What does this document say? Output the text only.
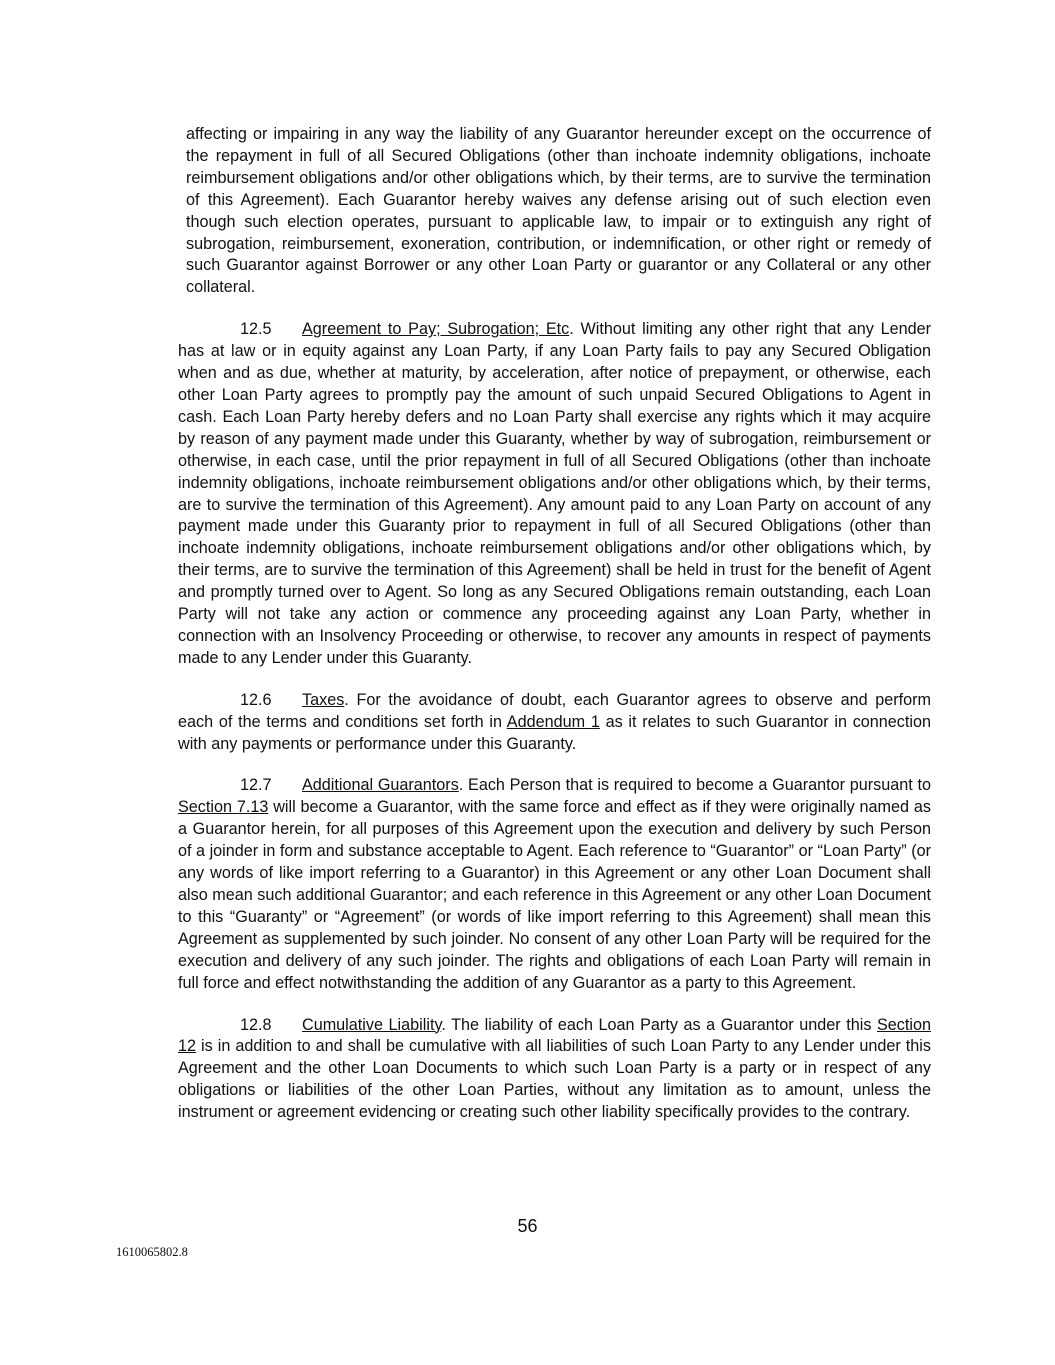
affecting or impairing in any way the liability of any Guarantor hereunder except on the occurrence of the repayment in full of all Secured Obligations (other than inchoate indemnity obligations, inchoate reimbursement obligations and/or other obligations which, by their terms, are to survive the termination of this Agreement). Each Guarantor hereby waives any defense arising out of such election even though such election operates, pursuant to applicable law, to impair or to extinguish any right of subrogation, reimbursement, exoneration, contribution, or indemnification, or other right or remedy of such Guarantor against Borrower or any other Loan Party or guarantor or any Collateral or any other collateral.

12.5 Agreement to Pay; Subrogation; Etc. Without limiting any other right that any Lender has at law or in equity against any Loan Party, if any Loan Party fails to pay any Secured Obligation when and as due, whether at maturity, by acceleration, after notice of prepayment, or otherwise, each other Loan Party agrees to promptly pay the amount of such unpaid Secured Obligations to Agent in cash. Each Loan Party hereby defers and no Loan Party shall exercise any rights which it may acquire by reason of any payment made under this Guaranty, whether by way of subrogation, reimbursement or otherwise, in each case, until the prior repayment in full of all Secured Obligations (other than inchoate indemnity obligations, inchoate reimbursement obligations and/or other obligations which, by their terms, are to survive the termination of this Agreement). Any amount paid to any Loan Party on account of any payment made under this Guaranty prior to repayment in full of all Secured Obligations (other than inchoate indemnity obligations, inchoate reimbursement obligations and/or other obligations which, by their terms, are to survive the termination of this Agreement) shall be held in trust for the benefit of Agent and promptly turned over to Agent. So long as any Secured Obligations remain outstanding, each Loan Party will not take any action or commence any proceeding against any Loan Party, whether in connection with an Insolvency Proceeding or otherwise, to recover any amounts in respect of payments made to any Lender under this Guaranty.

12.6 Taxes. For the avoidance of doubt, each Guarantor agrees to observe and perform each of the terms and conditions set forth in Addendum 1 as it relates to such Guarantor in connection with any payments or performance under this Guaranty.

12.7 Additional Guarantors. Each Person that is required to become a Guarantor pursuant to Section 7.13 will become a Guarantor, with the same force and effect as if they were originally named as a Guarantor herein, for all purposes of this Agreement upon the execution and delivery by such Person of a joinder in form and substance acceptable to Agent. Each reference to “Guarantor” or “Loan Party” (or any words of like import referring to a Guarantor) in this Agreement or any other Loan Document shall also mean such additional Guarantor; and each reference in this Agreement or any other Loan Document to this “Guaranty” or “Agreement” (or words of like import referring to this Agreement) shall mean this Agreement as supplemented by such joinder. No consent of any other Loan Party will be required for the execution and delivery of any such joinder. The rights and obligations of each Loan Party will remain in full force and effect notwithstanding the addition of any Guarantor as a party to this Agreement.

12.8 Cumulative Liability. The liability of each Loan Party as a Guarantor under this Section 12 is in addition to and shall be cumulative with all liabilities of such Loan Party to any Lender under this Agreement and the other Loan Documents to which such Loan Party is a party or in respect of any obligations or liabilities of the other Loan Parties, without any limitation as to amount, unless the instrument or agreement evidencing or creating such other liability specifically provides to the contrary.

56
1610065802.8
